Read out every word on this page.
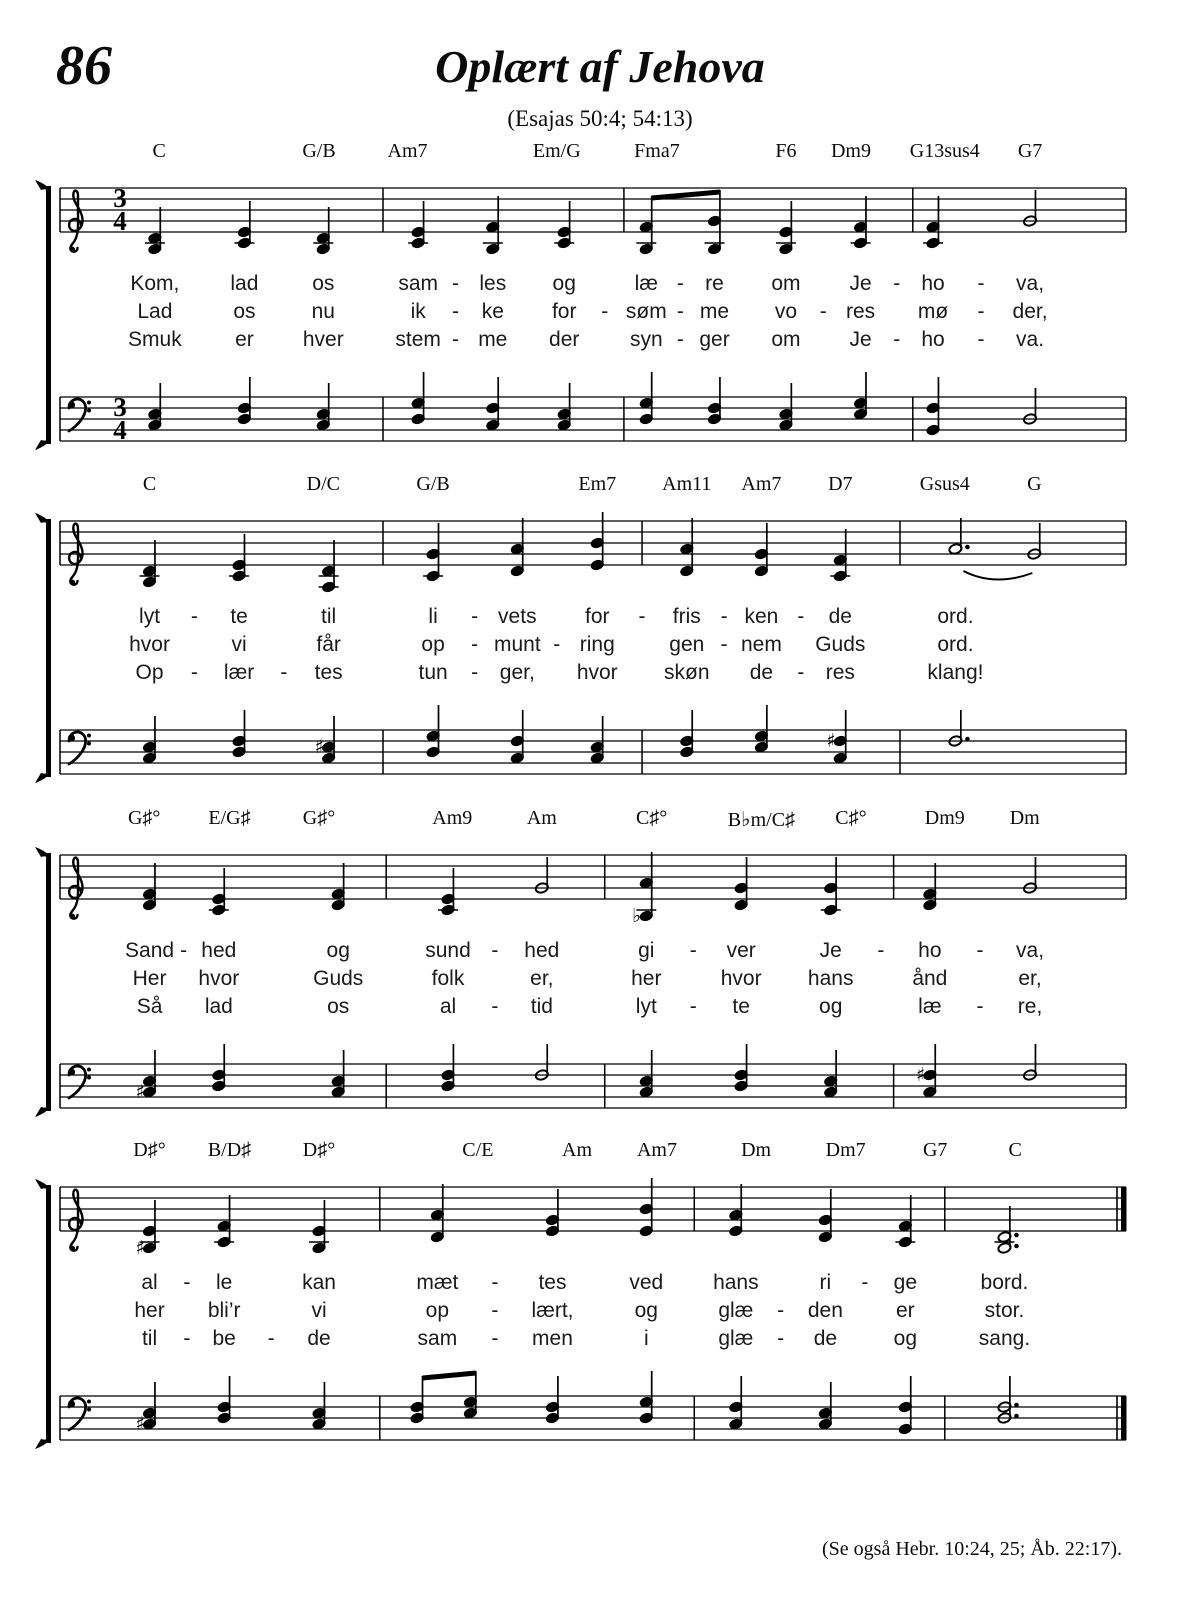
86	Oplært af Jehova
(Esajas 50:4; 54:13)
C	G/B	Am7	Em/G	Fma7	F6 Dm9 G13sus4 G7
3
4
3
4
Kom, lad	os	sam - les og	læ - re om Je - ho - va,
Lad	os	nu	ik - ke for - søm - me vo - res mø - der,
Smuk	er hver stem - me der syn - ger om Je - ho - va.
C	D/C	G/B	Em7 Am11 Am7 D7	Gsus4	G
♯	♯
lyt - te	til	li - vets for - fris - ken - de	ord.
hvor	vi	får	op - munt - ring	gen - nem Guds	ord.
Op - lær - tes	tun - ger, hvor skøn de - res	klang!
G♯° E/G♯	G♯°	Am9	Am	C♯°	B♭m/C♯ C♯°	Dm9 Dm
♭
♯
♯
Sand - hed	og	sund - hed	gi - ver	Je - ho - va,
Her hvor	Guds	folk	er,	her	hvor hans	ånd	er,
Så lad	os	al - tid	lyt - te	og	læ - re,
D♯° B/D♯	D♯°	C/E	Am Am7	Dm	Dm7	G7	C
♯
♯
al - le	kan	mæt - tes	ved hans	ri - ge	bord.
her bli’r	vi	op - lært,	og	glæ - den	er	stor.
til - be - de	sam - men	i	glæ - de	og	sang.
(Se også Hebr. 10:24, 25; Åb. 22:17).
